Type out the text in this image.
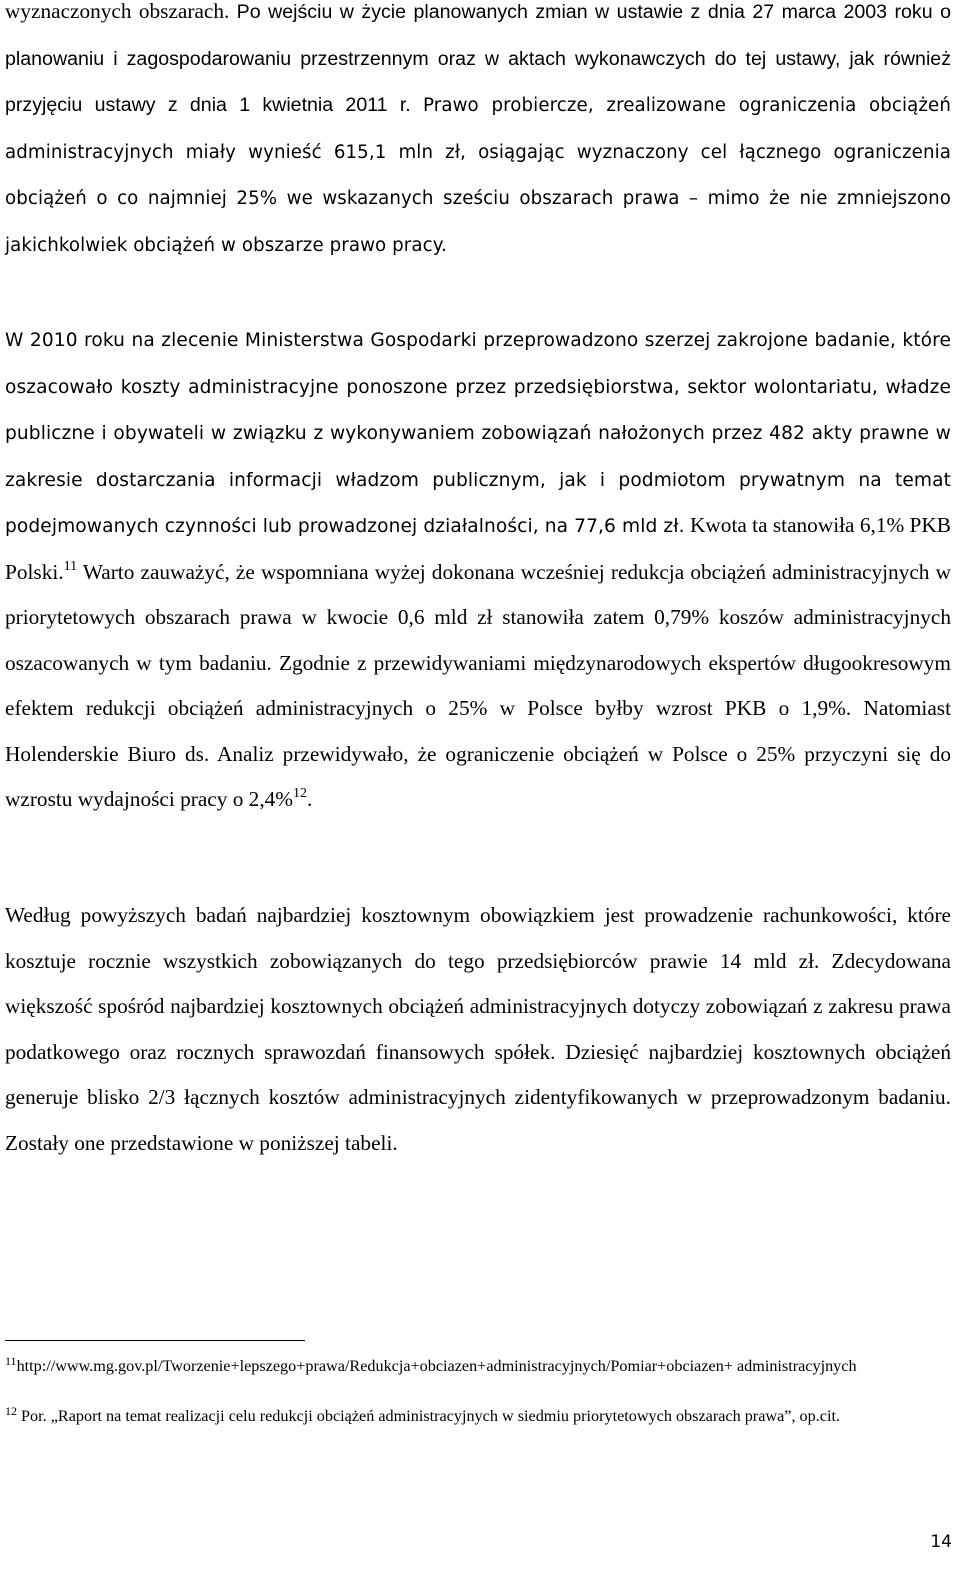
wyznaczonych obszarach. Po wejściu w życie planowanych zmian w ustawie z dnia 27 marca 2003 roku o planowaniu i zagospodarowaniu przestrzennym oraz w aktach wykonawczych do tej ustawy, jak również przyjęciu ustawy z dnia 1 kwietnia 2011 r. Prawo probiercze, zrealizowane ograniczenia obciążeń administracyjnych miały wynieść 615,1 mln zł, osiągając wyznaczony cel łącznego ograniczenia obciążeń o co najmniej 25% we wskazanych sześciu obszarach prawa – mimo że nie zmniejszono jakichkolwiek obciążeń w obszarze prawo pracy.

W 2010 roku na zlecenie Ministerstwa Gospodarki przeprowadzono szerzej zakrojone badanie, które oszacowało koszty administracyjne ponoszone przez przedsiębiorstwa, sektor wolontariatu, władze publiczne i obywateli w związku z wykonywaniem zobowiązań nałożonych przez 482 akty prawne w zakresie dostarczania informacji władzom publicznym, jak i podmiotom prywatnym na temat podejmowanych czynności lub prowadzonej działalności, na 77,6 mld zł. Kwota ta stanowiła 6,1% PKB Polski.$^{11}$ Warto zauważyć, że wspomniana wyżej dokonana wcześniej redukcja obciążeń administracyjnych w priorytetowych obszarach prawa w kwocie 0,6 mld zł stanowiła zatem 0,79% koszów administracyjnych oszacowanych w tym badaniu. Zgodnie z przewidywaniami międzynarodowych ekspertów długookresowym efektem redukcji obciążeń administracyjnych o 25% w Polsce byłby wzrost PKB o 1,9%. Natomiast Holenderskie Biuro ds. Analiz przewidywało, że ograniczenie obciążeń w Polsce o 25% przyczyni się do wzrostu wydajności pracy o 2,4%$^{12}$.

Według powyższych badań najbardziej kosztownym obowiązkiem jest prowadzenie rachunkowości, które kosztuje rocznie wszystkich zobowiązanych do tego przedsiębiorców prawie 14 mld zł. Zdecydowana większość spośród najbardziej kosztownych obciążeń administracyjnych dotyczy zobowiązań z zakresu prawa podatkowego oraz rocznych sprawozdań finansowych spółek. Dziesięć najbardziej kosztownych obciążeń generuje blisko 2/3 łącznych kosztów administracyjnych zidentyfikowanych w przeprowadzonym badaniu. Zostały one przedstawione w poniższej tabeli.

$^{11}$http://www.mg.gov.pl/Tworzenie+lepszego+prawa/Redukcja+obciazen+administracyjnych/Pomiar+obciazen+ administracyjnych

$^{12}$ Por. „Raport na temat realizacji celu redukcji obciążeń administracyjnych w siedmiu priorytetowych obszarach prawa”, op.cit.

14
